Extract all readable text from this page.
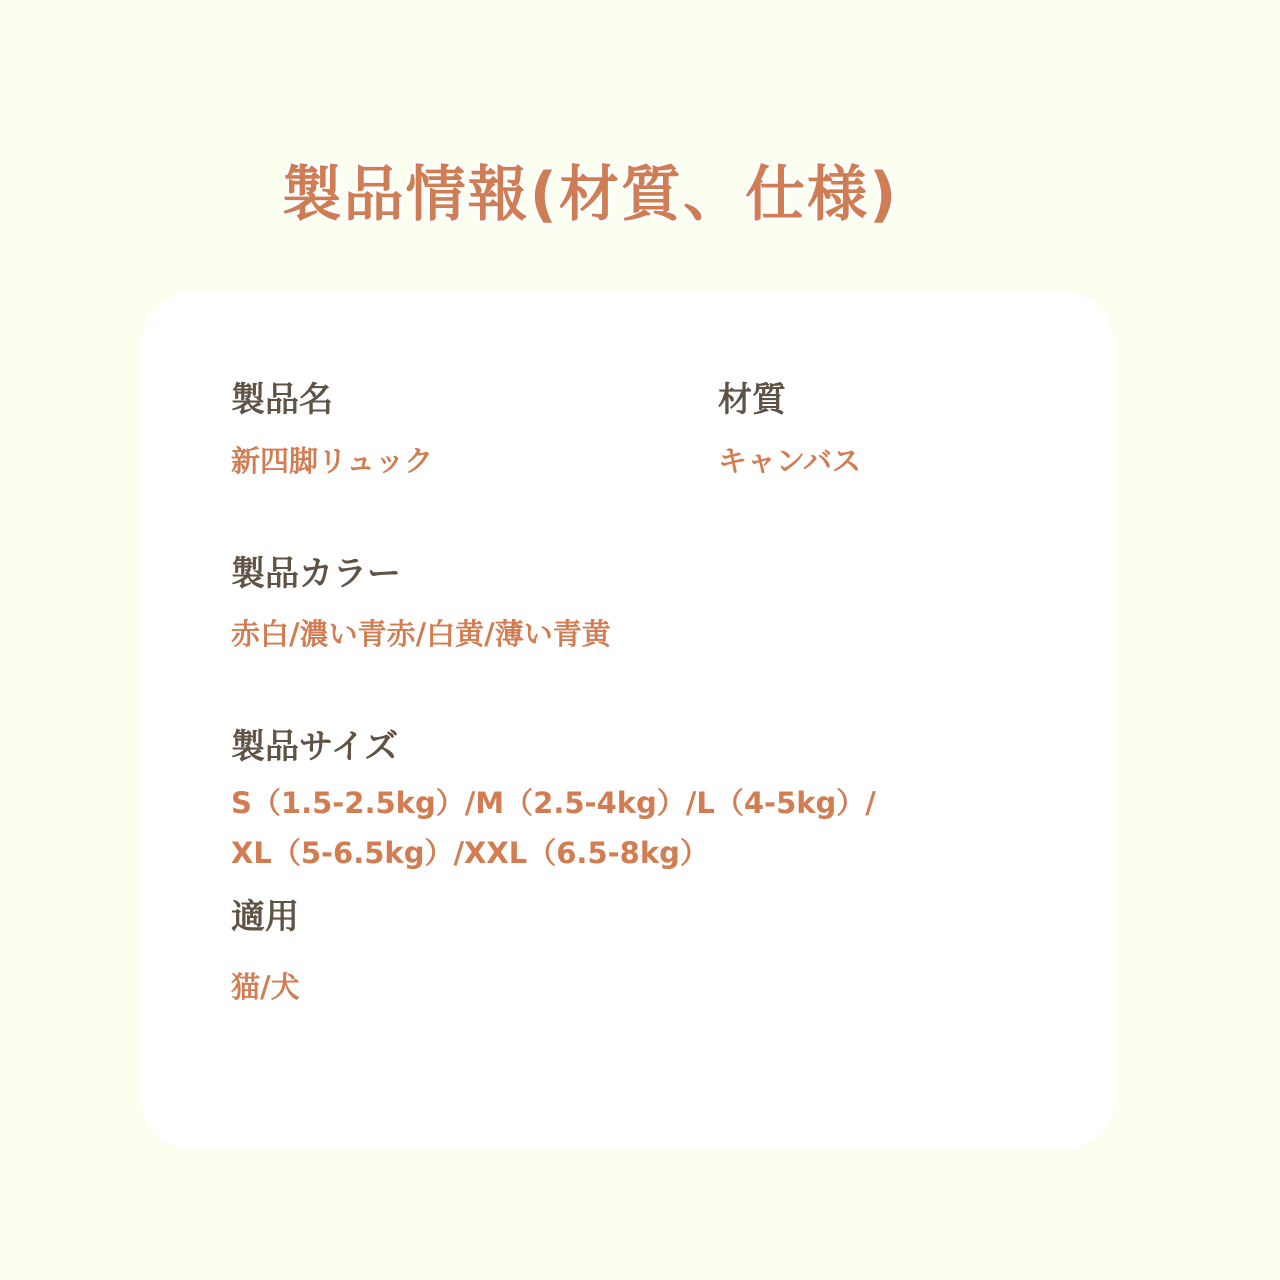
製品情報(材質、仕様)
製品名
新四脚リュック
材質
キャンバス
製品カラー
赤白/濃い青赤/白黄/薄い青黄
製品サイズ
S（1.5-2.5kg）/M（2.5-4kg）/L（4-5kg）/
XL（5-6.5kg）/XXL（6.5-8kg）
適用
猫/犬
